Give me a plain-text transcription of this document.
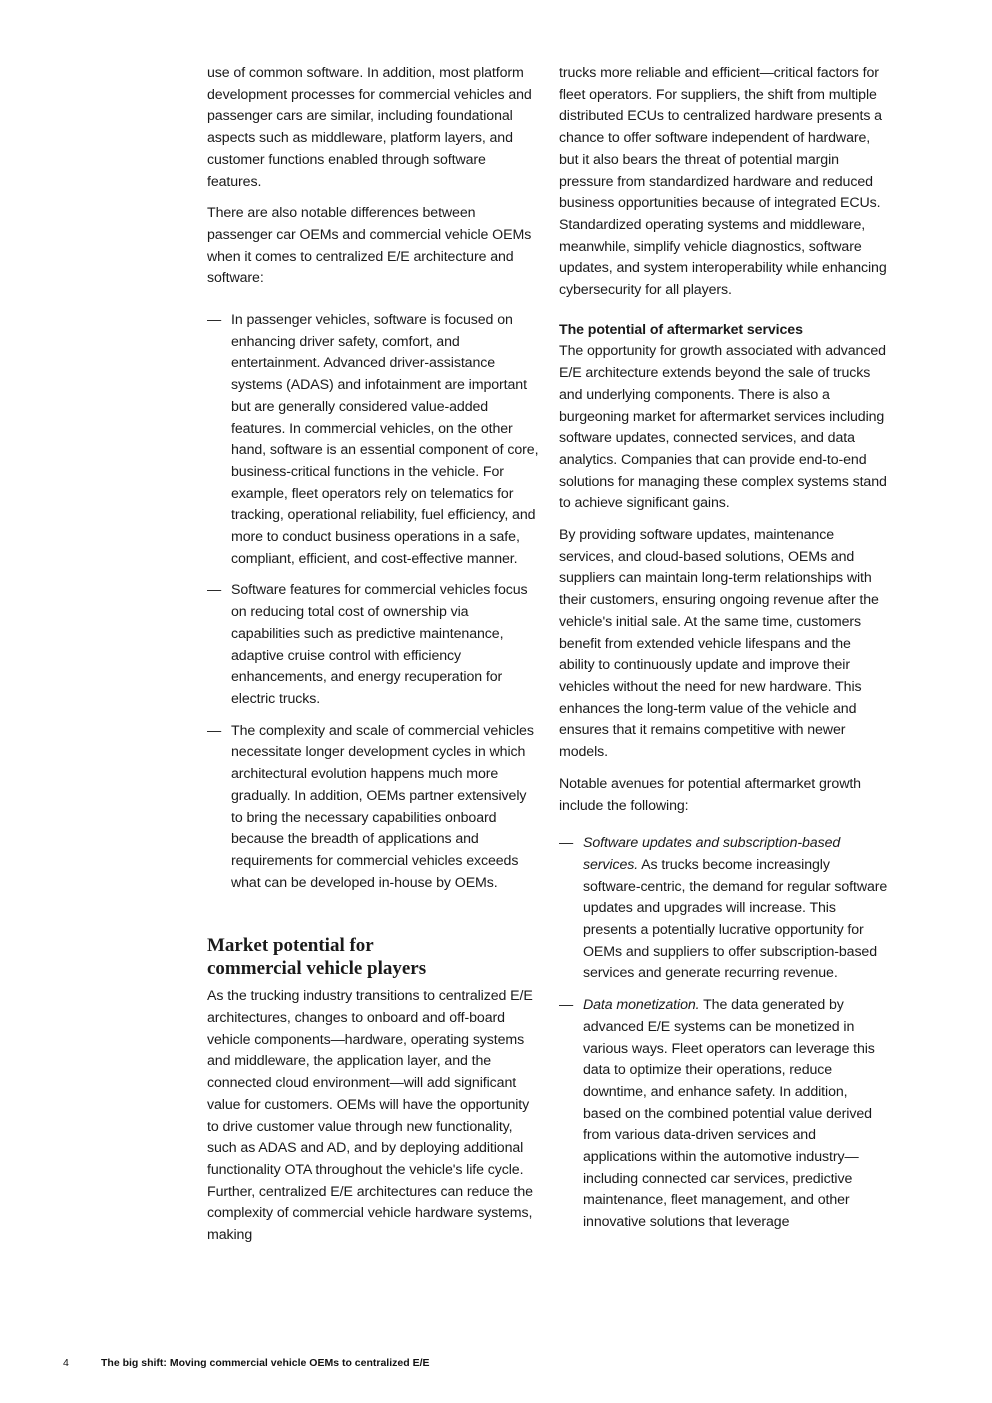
use of common software. In addition, most platform development processes for commercial vehicles and passenger cars are similar, including foundational aspects such as middleware, platform layers, and customer functions enabled through software features.

There are also notable differences between passenger car OEMs and commercial vehicle OEMs when it comes to centralized E/E architecture and software:

— In passenger vehicles, software is focused on enhancing driver safety, comfort, and entertainment. Advanced driver-assistance systems (ADAS) and infotainment are important but are generally considered value-added features. In commercial vehicles, on the other hand, software is an essential component of core, business-critical functions in the vehicle. For example, fleet operators rely on telematics for tracking, operational reliability, fuel efficiency, and more to conduct business operations in a safe, compliant, efficient, and cost-effective manner.
— Software features for commercial vehicles focus on reducing total cost of ownership via capabilities such as predictive maintenance, adaptive cruise control with efficiency enhancements, and energy recuperation for electric trucks.
— The complexity and scale of commercial vehicles necessitate longer development cycles in which architectural evolution happens much more gradually. In addition, OEMs partner extensively to bring the necessary capabilities onboard because the breadth of applications and requirements for commercial vehicles exceeds what can be developed in-house by OEMs.
Market potential for
commercial vehicle players

As the trucking industry transitions to centralized E/E architectures, changes to onboard and off-board vehicle components—hardware, operating systems and middleware, the application layer, and the connected cloud environment—will add significant value for customers. OEMs will have the opportunity to drive customer value through new functionality, such as ADAS and AD, and by deploying additional functionality OTA throughout the vehicle's life cycle. Further, centralized E/E architectures can reduce the complexity of commercial vehicle hardware systems, making

trucks more reliable and efficient—critical factors for fleet operators. For suppliers, the shift from multiple distributed ECUs to centralized hardware presents a chance to offer software independent of hardware, but it also bears the threat of potential margin pressure from standardized hardware and reduced business opportunities because of integrated ECUs. Standardized operating systems and middleware, meanwhile, simplify vehicle diagnostics, software updates, and system interoperability while enhancing cybersecurity for all players.

The potential of aftermarket services

The opportunity for growth associated with advanced E/E architecture extends beyond the sale of trucks and underlying components. There is also a burgeoning market for aftermarket services including software updates, connected services, and data analytics. Companies that can provide end-to-end solutions for managing these complex systems stand to achieve significant gains.

By providing software updates, maintenance services, and cloud-based solutions, OEMs and suppliers can maintain long-term relationships with their customers, ensuring ongoing revenue after the vehicle's initial sale. At the same time, customers benefit from extended vehicle lifespans and the ability to continuously update and improve their vehicles without the need for new hardware. This enhances the long-term value of the vehicle and ensures that it remains competitive with newer models.

Notable avenues for potential aftermarket growth include the following:

— Software updates and subscription-based services. As trucks become increasingly software-centric, the demand for regular software updates and upgrades will increase. This presents a potentially lucrative opportunity for OEMs and suppliers to offer subscription-based services and generate recurring revenue.
— Data monetization. The data generated by advanced E/E systems can be monetized in various ways. Fleet operators can leverage this data to optimize their operations, reduce downtime, and enhance safety. In addition, based on the combined potential value derived from various data-driven services and applications within the automotive industry—including connected car services, predictive maintenance, fleet management, and other innovative solutions that leverage
4	The big shift: Moving commercial vehicle OEMs to centralized E/E
